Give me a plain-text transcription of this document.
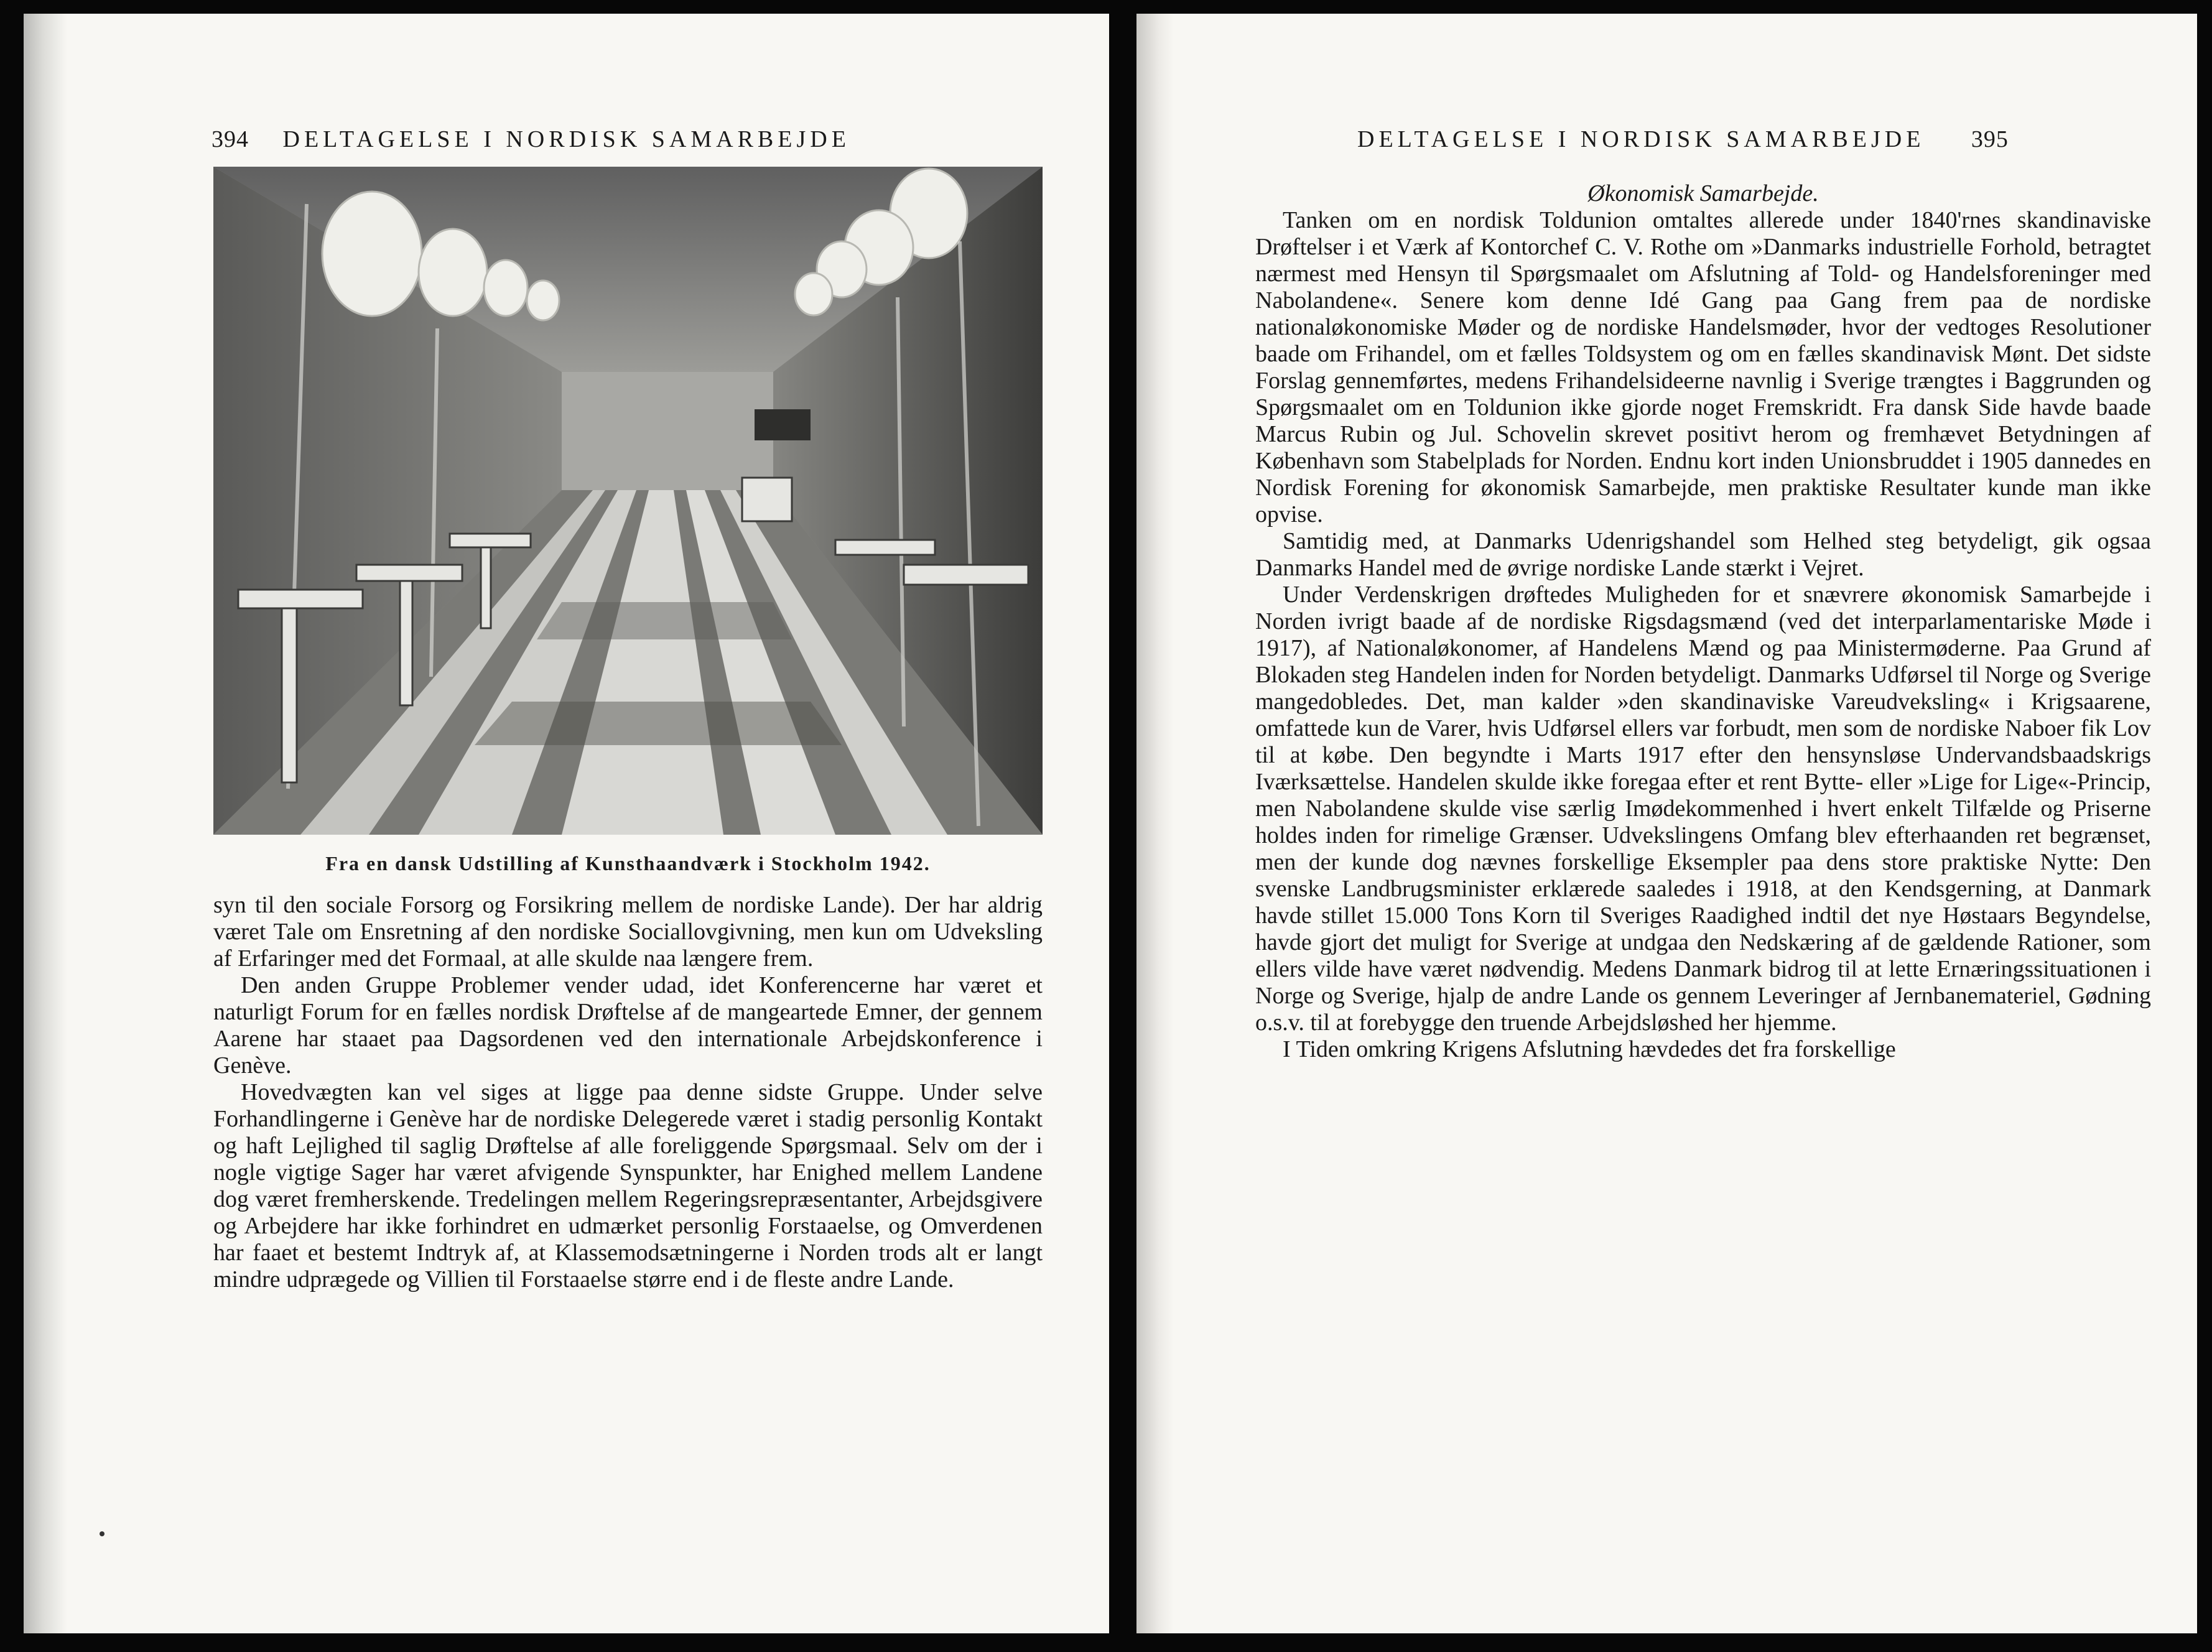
394 DELTAGELSE I NORDISK SAMARBEJDE
Fra en dansk Udstilling af Kunsthaandværk i Stockholm 1942.

syn til den sociale Forsorg og Forsikring mellem de nordiske Lande). Der har aldrig været Tale om Ensretning af den nordiske Sociallovgivning, men kun om Udveksling af Erfaringer med det Formaal, at alle skulde naa længere frem.

Den anden Gruppe Problemer vender udad, idet Konferencerne har været et naturligt Forum for en fælles nordisk Drøftelse af de mangeartede Emner, der gennem Aarene har staaet paa Dagsordenen ved den internationale Arbejdskonference i Genève.

Hovedvægten kan vel siges at ligge paa denne sidste Gruppe. Under selve Forhandlingerne i Genève har de nordiske Delegerede været i stadig personlig Kontakt og haft Lejlighed til saglig Drøftelse af alle foreliggende Spørgsmaal. Selv om der i nogle vigtige Sager har været afvigende Synspunkter, har Enighed mellem Landene dog været fremherskende. Tredelingen mellem Regeringsrepræsentanter, Arbejdsgivere og Arbejdere har ikke forhindret en udmærket personlig Forstaaelse, og Omverdenen har faaet et bestemt Indtryk af, at Klassemodsætningerne i Norden trods alt er langt mindre udprægede og Villien til Forstaaelse større end i de fleste andre Lande.

DELTAGELSE I NORDISK SAMARBEJDE 395

Økonomisk Samarbejde.

Tanken om en nordisk Toldunion omtaltes allerede under 1840'rnes skandinaviske Drøftelser i et Værk af Kontorchef C. V. Rothe om »Danmarks industrielle Forhold, betragtet nærmest med Hensyn til Spørgsmaalet om Afslutning af Told- og Handelsforeninger med Nabolandene«. Senere kom denne Idé Gang paa Gang frem paa de nordiske nationaløkonomiske Møder og de nordiske Handelsmøder, hvor der vedtoges Resolutioner baade om Frihandel, om et fælles Toldsystem og om en fælles skandinavisk Mønt. Det sidste Forslag gennemførtes, medens Frihandelsideerne navnlig i Sverige trængtes i Baggrunden og Spørgsmaalet om en Toldunion ikke gjorde noget Fremskridt. Fra dansk Side havde baade Marcus Rubin og Jul. Schovelin skrevet positivt herom og fremhævet Betydningen af København som Stabelplads for Norden. Endnu kort inden Unionsbruddet i 1905 dannedes en Nordisk Forening for økonomisk Samarbejde, men praktiske Resultater kunde man ikke opvise.

Samtidig med, at Danmarks Udenrigshandel som Helhed steg betydeligt, gik ogsaa Danmarks Handel med de øvrige nordiske Lande stærkt i Vejret.

Under Verdenskrigen drøftedes Muligheden for et snævrere økonomisk Samarbejde i Norden ivrigt baade af de nordiske Rigsdagsmænd (ved det interparlamentariske Møde i 1917), af Nationaløkonomer, af Handelens Mænd og paa Ministermøderne. Paa Grund af Blokaden steg Handelen inden for Norden betydeligt. Danmarks Udførsel til Norge og Sverige mangedobledes. Det, man kalder »den skandinaviske Vareudveksling« i Krigsaarene, omfattede kun de Varer, hvis Udførsel ellers var forbudt, men som de nordiske Naboer fik Lov til at købe. Den begyndte i Marts 1917 efter den hensynsløse Undervandsbaadskrigs Iværksættelse. Handelen skulde ikke foregaa efter et rent Bytte- eller »Lige for Lige«-Princip, men Nabolandene skulde vise særlig Imødekommenhed i hvert enkelt Tilfælde og Priserne holdes inden for rimelige Grænser. Udvekslingens Omfang blev efterhaanden ret begrænset, men der kunde dog nævnes forskellige Eksempler paa dens store praktiske Nytte: Den svenske Landbrugsminister erklærede saaledes i 1918, at den Kendsgerning, at Danmark havde stillet 15.000 Tons Korn til Sveriges Raadighed indtil det nye Høstaars Begyndelse, havde gjort det muligt for Sverige at undgaa den Nedskæring af de gældende Rationer, som ellers vilde have været nødvendig. Medens Danmark bidrog til at lette Ernæringssituationen i Norge og Sverige, hjalp de andre Lande os gennem Leveringer af Jernbanemateriel, Gødning o.s.v. til at forebygge den truende Arbejdsløshed her hjemme.

I Tiden omkring Krigens Afslutning hævdedes det fra forskellige
